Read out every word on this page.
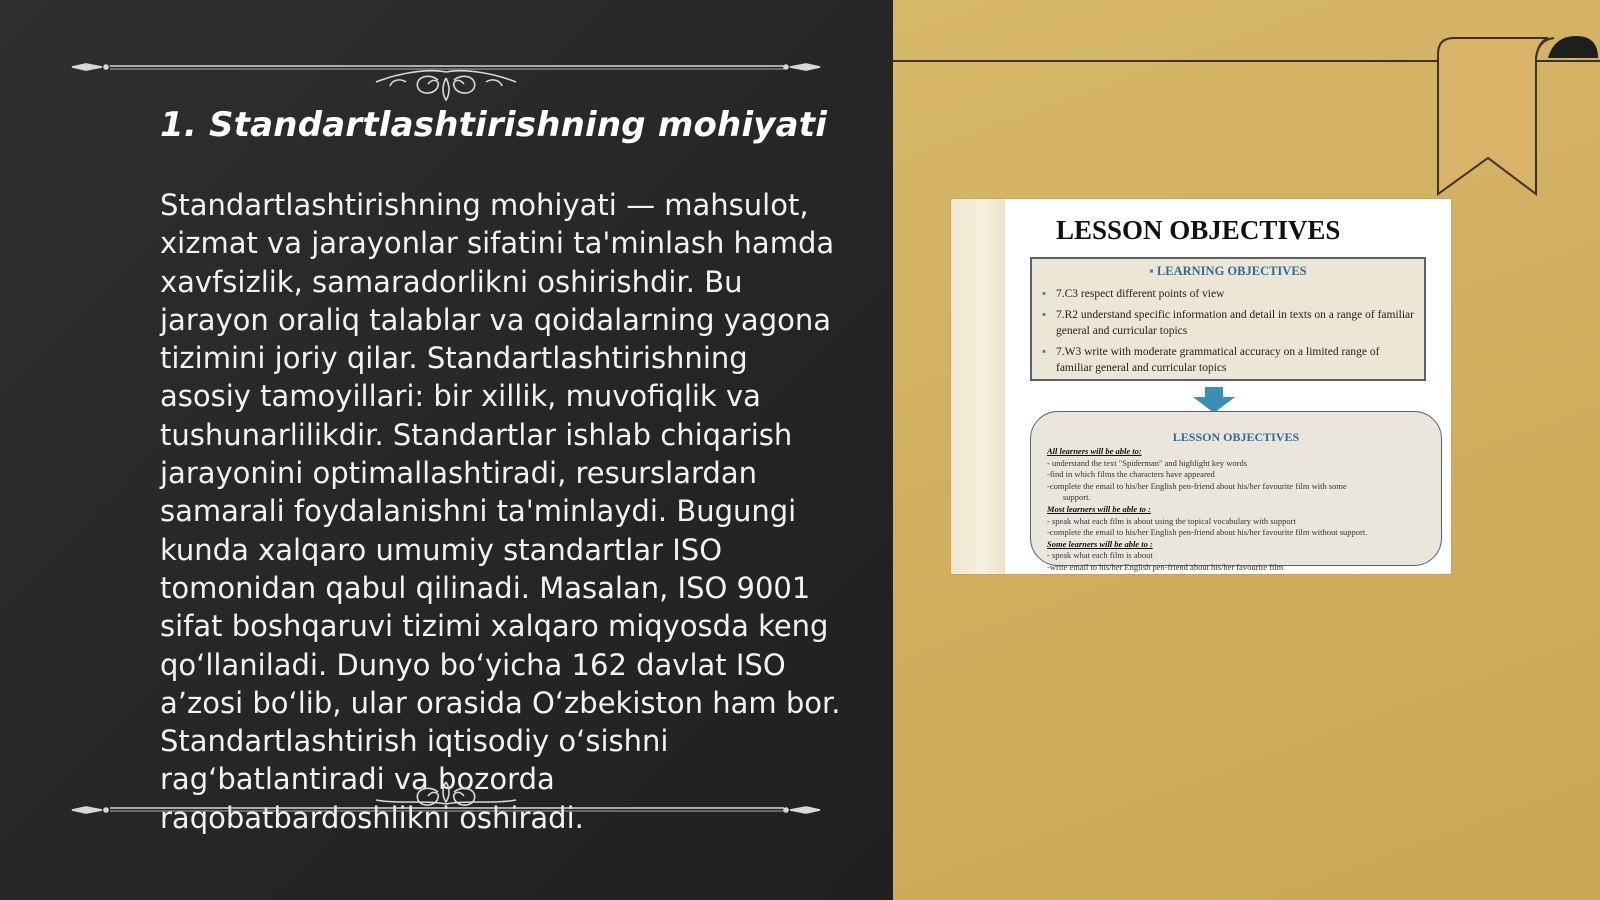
1. Standartlashtirishning mohiyati
Standartlashtirishning mohiyati — mahsulot, xizmat va jarayonlar sifatini ta'minlash hamda xavfsizlik, samaradorlikni oshirishdir. Bu jarayon oraliq talablar va qoidalarning yagona tizimini joriy qilar. Standartlashtirishning asosiy tamoyillari: bir xillik, muvofiqlik va tushunarlilikdir. Standartlar ishlab chiqarish jarayonini optimallashtiradi, resurslardan samarali foydalanishni ta'minlaydi. Bugungi kunda xalqaro umumiy standartlar ISO tomonidan qabul qilinadi. Masalan, ISO 9001 sifat boshqaruvi tizimi xalqaro miqyosda keng qo‘llaniladi. Dunyo bo‘yicha 162 davlat ISO a’zosi bo‘lib, ular orasida O‘zbekiston ham bor. Standartlashtirish iqtisodiy o‘sishni rag‘batlantiradi va bozorda raqobatbardoshlikni oshiradi.
LESSON OBJECTIVES
▪ LEARNING OBJECTIVES
▪ 7.C3 respect different points of view
▪ 7.R2 understand specific information and detail in texts on a range of familiar general and curricular topics
▪ 7.W3 write with moderate grammatical accuracy on a limited range of familiar general and curricular topics
LESSON OBJECTIVES
All learners will be able to:
- understand the text "Spiderman" and highlight key words
-find in which films the characters have appeared
-complete the email to his/her English pen-friend about his/her favourite film with some
support.
Most learners will be able to :
- speak what each film is about using the topical vocabulary with support
-complete the email to his/her English pen-friend about his/her favourite film without support.
Some learners will be able to :
- speak what each film is about
-write email to his/her English pen-friend about his/her favourite film
